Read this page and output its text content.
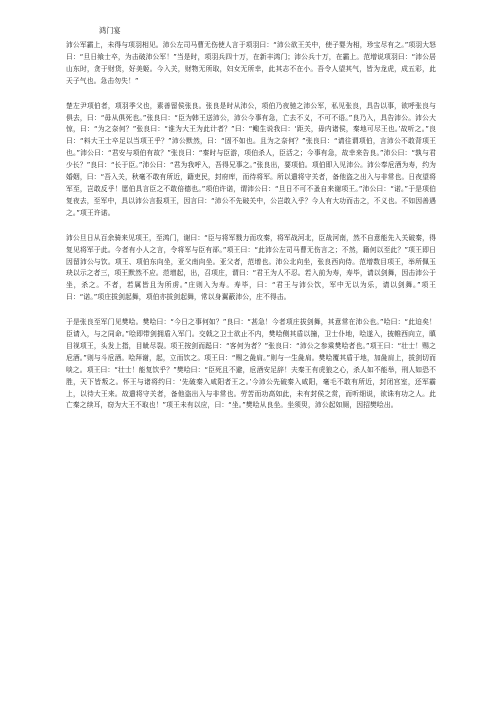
鸿门宴

沛公军霸上，未得与项羽相见。沛公左司马曹无伤使人言于项羽曰：“沛公欲王关中，使子婴为相，珍宝尽有之。”项羽大怒曰：“旦日飨士卒，为击破沛公军！”当是时，项羽兵四十万，在新丰鸿门；沛公兵十万，在霸上。范增说项羽曰：“沛公居山东时，贪于财货，好美姬。今入关，财物无所取，妇女无所幸，此其志不在小。吾令人望其气，皆为龙虎，成五彩，此天子气也。急击勿失！”

楚左尹项伯者，项羽季父也，素善留侯张良。张良是时从沛公，项伯乃夜驰之沛公军，私见张良，具告以事，欲呼张良与俱去，曰：“毋从俱死也。”张良曰：“臣为韩王送沛公，沛公今事有急，亡去不义，不可不语。”良乃入，具告沛公。沛公大惊，曰：“为之奈何？”张良曰：“谁为大王为此计者？”曰：“鲰生说我曰：‘距关，毋内诸侯，秦地可尽王也。’故听之。”良曰：“料大王士卒足以当项王乎？”沛公默然，曰：“固不如也。且为之奈何？”张良曰：“请往谓项伯，言沛公不敢背项王也。”沛公曰：“君安与项伯有故？”张良曰：“秦时与臣游，项伯杀人，臣活之；今事有急，故幸来告良。”沛公曰：“孰与君少长？”良曰：“长于臣。”沛公曰：“君为我呼入，吾得兄事之。”张良出，要项伯。项伯即入见沛公。沛公奉卮酒为寿，约为婚姻，曰：“吾入关，秋毫不敢有所近，籍吏民，封府库，而待将军。所以遣将守关者，备他盗之出入与非常也。日夜望将军至，岂敢反乎！愿伯具言臣之不敢倍德也。”项伯许诺，谓沛公曰：“旦日不可不蚤自来谢项王。”沛公曰：“诺。”于是项伯复夜去，至军中，具以沛公言报项王，因言曰：“沛公不先破关中，公岂敢入乎？今人有大功而击之，不义也。不如因善遇之。”项王许诺。

沛公旦日从百余骑来见项王，至鸿门，谢曰：“臣与将军戮力而攻秦，将军战河北，臣战河南，然不自意能先入关破秦，得复见将军于此。今者有小人之言，令将军与臣有郤。”项王曰：“此沛公左司马曹无伤言之；不然，籍何以至此？”项王即日因留沛公与饮。项王、项伯东向坐，亚父南向坐。亚父者，范增也。沛公北向坐，张良西向侍。范增数目项王，举所佩玉玦以示之者三，项王默然不应。范增起，出，召项庄，谓曰：“君王为人不忍。若入前为寿，寿毕，请以剑舞，因击沛公于坐，杀之。不者，若属皆且为所虏。”庄则入为寿。寿毕，曰：“君王与沛公饮，军中无以为乐，请以剑舞。”项王曰：“诺。”项庄拔剑起舞，项伯亦拔剑起舞，常以身翼蔽沛公，庄不得击。

于是张良至军门见樊哙。樊哙曰：“今日之事何如？”良曰：“甚急！今者项庄拔剑舞，其意常在沛公也。”哙曰：“此迫矣！臣请入，与之同命。”哙即带剑拥盾入军门。交戟之卫士欲止不内，樊哙侧其盾以撞，卫士仆地，哙遂入，披帷西向立，瞋目视项王，头发上指，目眦尽裂。项王按剑而跽曰：“客何为者？”张良曰：“沛公之参乘樊哙者也。”项王曰：“壮士！赐之卮酒。”则与斗卮酒。哙拜谢，起，立而饮之。项王曰：“赐之彘肩。”则与一生彘肩。樊哙覆其盾于地，加彘肩上，拔剑切而啖之。项王曰：“壮士！能复饮乎？”樊哙曰：“臣死且不避，卮酒安足辞！夫秦王有虎狼之心，杀人如不能举，刑人如恐不胜，天下皆叛之。怀王与诸将约曰：‘先破秦入咸阳者王之。’今沛公先破秦入咸阳，毫毛不敢有所近，封闭宫室，还军霸上，以待大王来。故遣将守关者，备他盗出入与非常也。劳苦而功高如此，未有封侯之赏，而听细说，欲诛有功之人。此亡秦之续耳，窃为大王不取也！”项王未有以应，曰：“坐。”樊哙从良坐。坐须臾，沛公起如厕，因招樊哙出。
